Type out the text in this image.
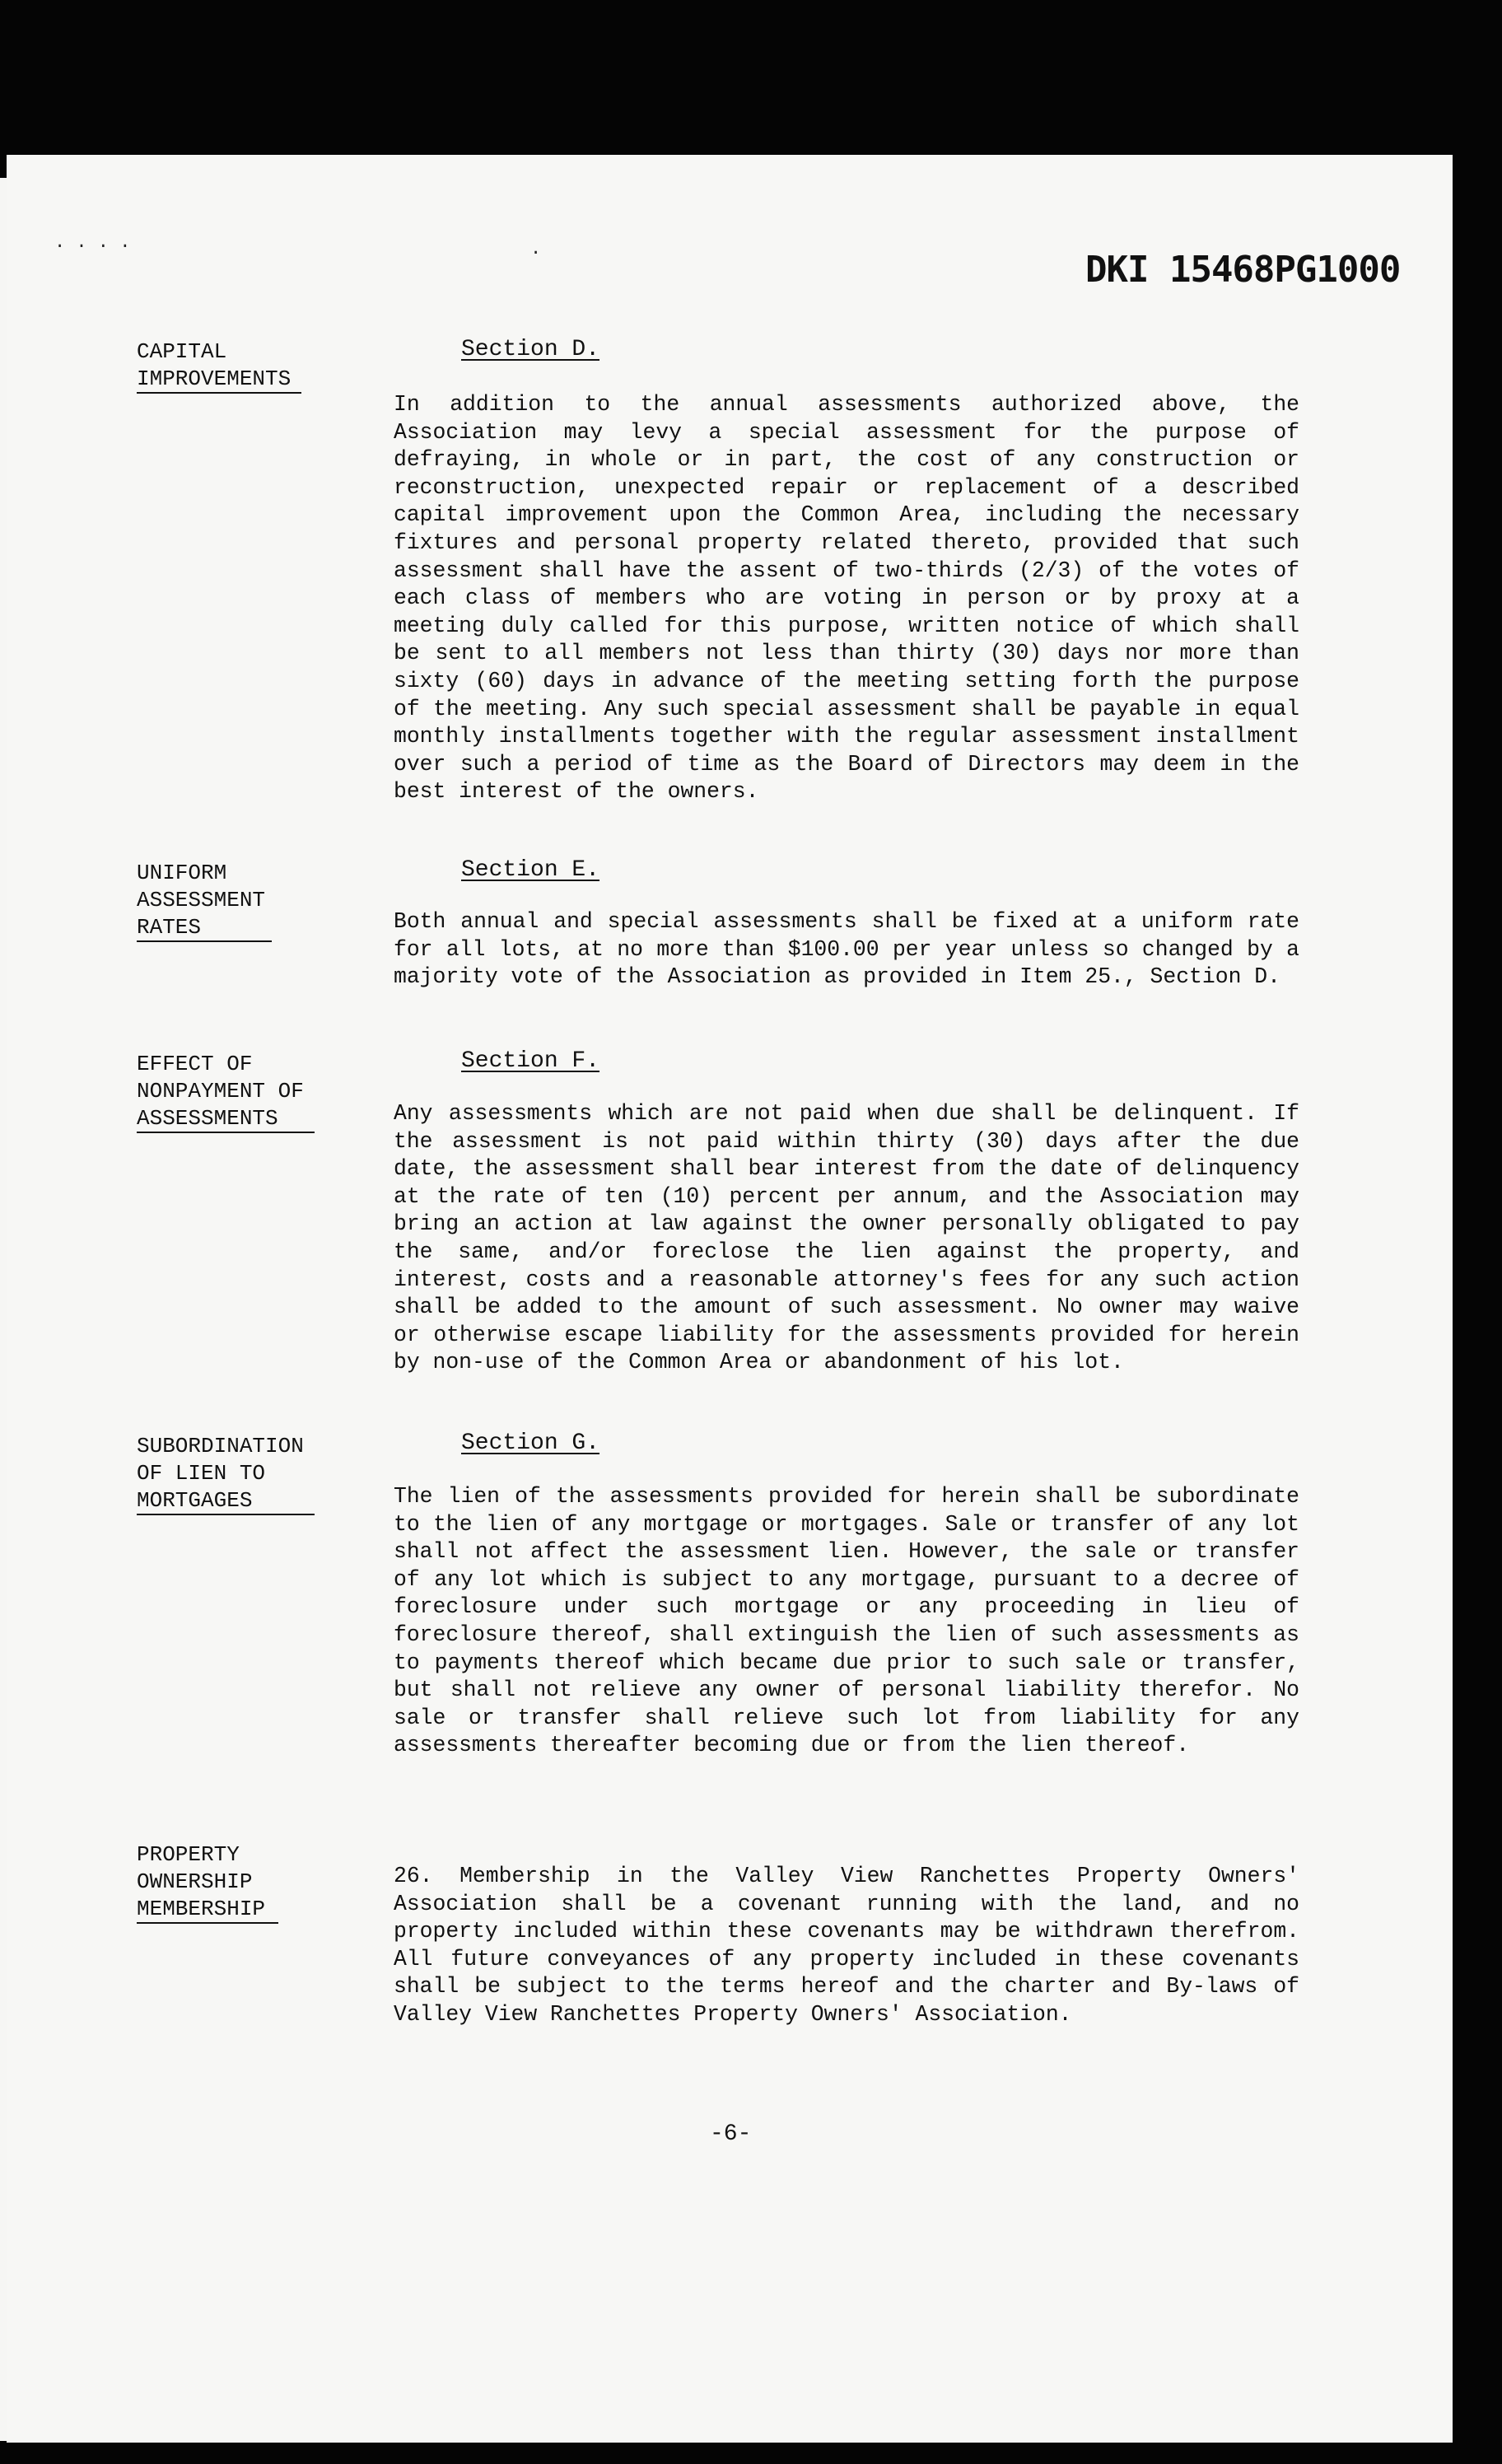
. . . .	.	DKI 15468PG1000
CAPITAL
IMPROVEMENTS
Section D.
In addition to the annual assessments authorized above, the Association may levy a special assessment for the purpose of defraying, in whole or in part, the cost of any construction or reconstruction, unexpected repair or replacement of a described capital improvement upon the Common Area, including the necessary fixtures and personal property related thereto, provided that such assessment shall have the assent of two-thirds (2/3) of the votes of each class of members who are voting in person or by proxy at a meeting duly called for this purpose, written notice of which shall be sent to all members not less than thirty (30) days nor more than sixty (60) days in advance of the meeting setting forth the purpose of the meeting. Any such special assessment shall be payable in equal monthly installments together with the regular assessment installment over such a period of time as the Board of Directors may deem in the best interest of the owners.
UNIFORM
ASSESSMENT
RATES
Section E.
Both annual and special assessments shall be fixed at a uniform rate for all lots, at no more than $100.00 per year unless so changed by a majority vote of the Association as provided in Item 25., Section D.
EFFECT OF
NONPAYMENT OF
ASSESSMENTS
Section F.
Any assessments which are not paid when due shall be delinquent. If the assessment is not paid within thirty (30) days after the due date, the assessment shall bear interest from the date of delinquency at the rate of ten (10) percent per annum, and the Association may bring an action at law against the owner personally obligated to pay the same, and/or foreclose the lien against the property, and interest, costs and a reasonable attorney's fees for any such action shall be added to the amount of such assessment. No owner may waive or otherwise escape liability for the assessments provided for herein by non-use of the Common Area or abandonment of his lot.
SUBORDINATION
OF LIEN TO
MORTGAGES
Section G.
The lien of the assessments provided for herein shall be subordinate to the lien of any mortgage or mortgages. Sale or transfer of any lot shall not affect the assessment lien. However, the sale or transfer of any lot which is subject to any mortgage, pursuant to a decree of foreclosure under such mortgage or any proceeding in lieu of foreclosure thereof, shall extinguish the lien of such assessments as to payments thereof which became due prior to such sale or transfer, but shall not relieve any owner of personal liability therefor. No sale or transfer shall relieve such lot from liability for any assessments thereafter becoming due or from the lien thereof.
PROPERTY
OWNERSHIP
MEMBERSHIP
26. Membership in the Valley View Ranchettes Property Owners' Association shall be a covenant running with the land, and no property included within these covenants may be withdrawn therefrom. All future conveyances of any property included in these covenants shall be subject to the terms hereof and the charter and By-laws of Valley View Ranchettes Property Owners' Association.
-6-
